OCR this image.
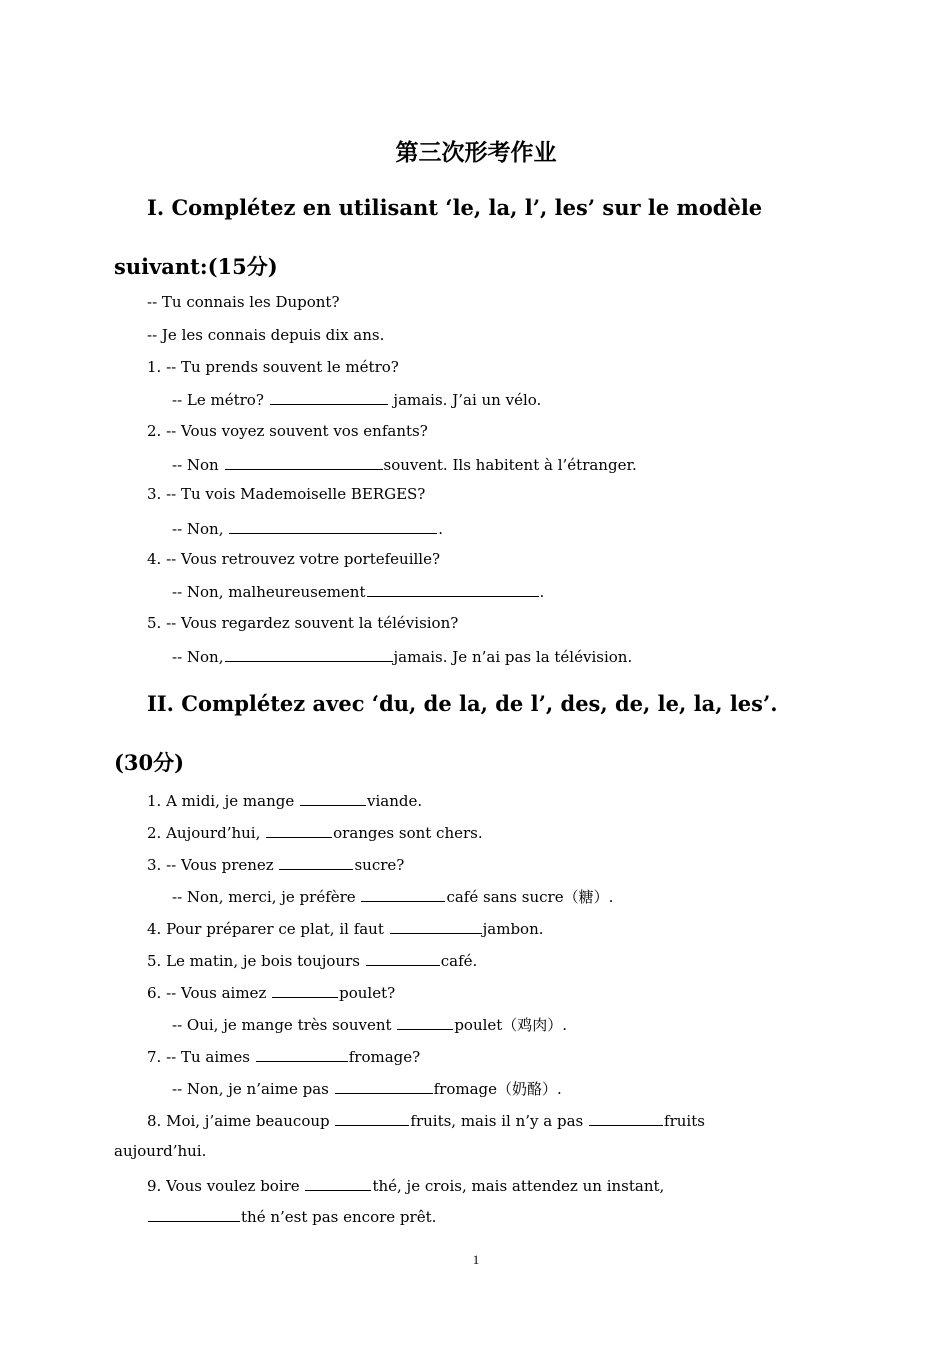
第三次形考作业
I. Complétez en utilisant ‘le, la, l’, les’ sur le modèle
suivant:(15分)
-- Tu connais les Dupont?
-- Je les connais depuis dix ans.
1. -- Tu prends souvent le métro?
-- Le métro?	jamais. J’ai un vélo.
2. -- Vous voyez souvent vos enfants?
-- Non	souvent. Ils habitent à l’étranger.
3. -- Tu vois Mademoiselle BERGES?
-- Non,	.
4. -- Vous retrouvez votre portefeuille?
-- Non, malheureusement	.
5. -- Vous regardez souvent la télévision?
-- Non,	jamais. Je n’ai pas la télévision.
II. Complétez avec ‘du, de la, de l’, des, de, le, la, les’.
(30分)
1. A midi, je mange	viande.
2. Aujourd’hui,	oranges sont chers.
3. -- Vous prenez	sucre?
-- Non, merci, je préfère	café sans sucre（糖）.
4. Pour préparer ce plat, il faut	jambon.
5. Le matin, je bois toujours	café.
6. -- Vous aimez	poulet?
-- Oui, je mange très souvent	poulet（鸡肉）.
7. -- Tu aimes	fromage?
-- Non, je n’aime pas	fromage（奶酪）.
8. Moi, j’aime beaucoup	fruits, mais il n’y a pas	fruits
aujourd’hui.
9. Vous voulez boire	thé, je crois, mais attendez un instant,
thé n’est pas encore prêt.
1
